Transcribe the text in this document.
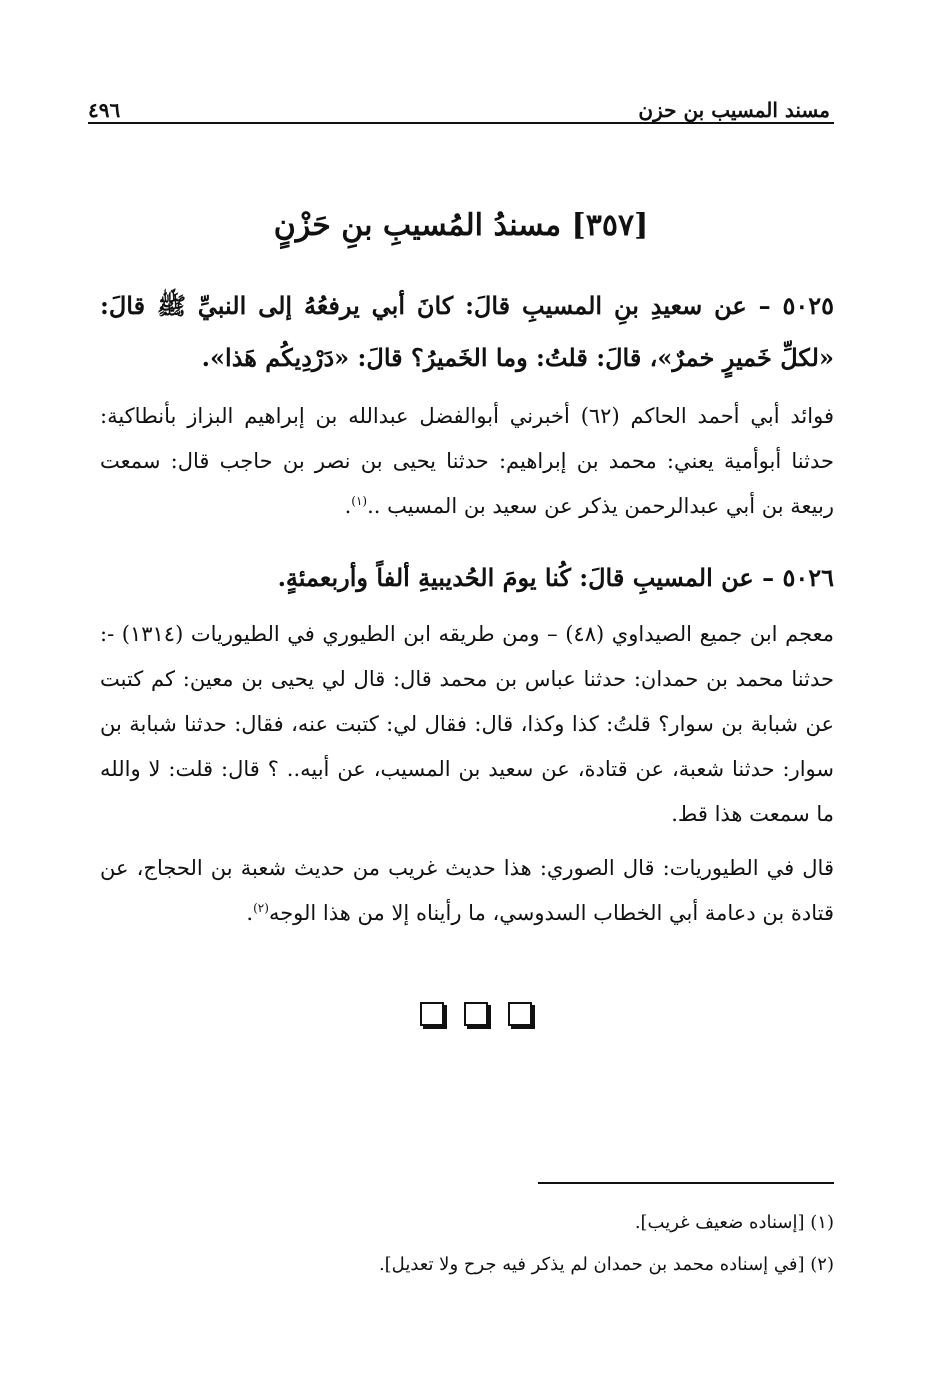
مسند المسيب بن حزن
٤٩٦
[٣٥٧] مسندُ المُسيبِ بنِ حَزْنٍ
٥٠٢٥ – عن سعيدِ بنِ المسيبِ قالَ: كانَ أبي يرفعُهُ إلى النبيِّ ﷺ قالَ: «لكلِّ خَميرٍ خمرٌ»، قالَ: قلتُ: وما الخَميرُ؟ قالَ: «دَرْدِيكُم هَذا».
فوائد أبي أحمد الحاكم (٦٢) أخبرني أبوالفضل عبدالله بن إبراهيم البزاز بأنطاكية: حدثنا أبوأمية يعني: محمد بن إبراهيم: حدثنا يحيى بن نصر بن حاجب قال: سمعت ربيعة بن أبي عبدالرحمن يذكر عن سعيد بن المسيب ..$^{(١)}$.
٥٠٢٦ – عن المسيبِ قالَ: كُنا يومَ الحُديبيةِ ألفاً وأربعمئةٍ.
معجم ابن جميع الصيداوي (٤٨) – ومن طريقه ابن الطيوري في الطيوريات (١٣١٤) -: حدثنا محمد بن حمدان: حدثنا عباس بن محمد قال: قال لي يحيى بن معين: كم كتبت عن شبابة بن سوار؟ قلتُ: كذا وكذا، قال: فقال لي: كتبت عنه، فقال: حدثنا شبابة بن سوار: حدثنا شعبة، عن قتادة، عن سعيد بن المسيب، عن أبيه.. ؟ قال: قلت: لا والله ما سمعت هذا قط.
قال في الطيوريات: قال الصوري: هذا حديث غريب من حديث شعبة بن الحجاج، عن قتادة بن دعامة أبي الخطاب السدوسي، ما رأيناه إلا من هذا الوجه$^{(٢)}$.
(١) [إسناده ضعيف غريب].
(٢) [في إسناده محمد بن حمدان لم يذكر فيه جرح ولا تعديل].
